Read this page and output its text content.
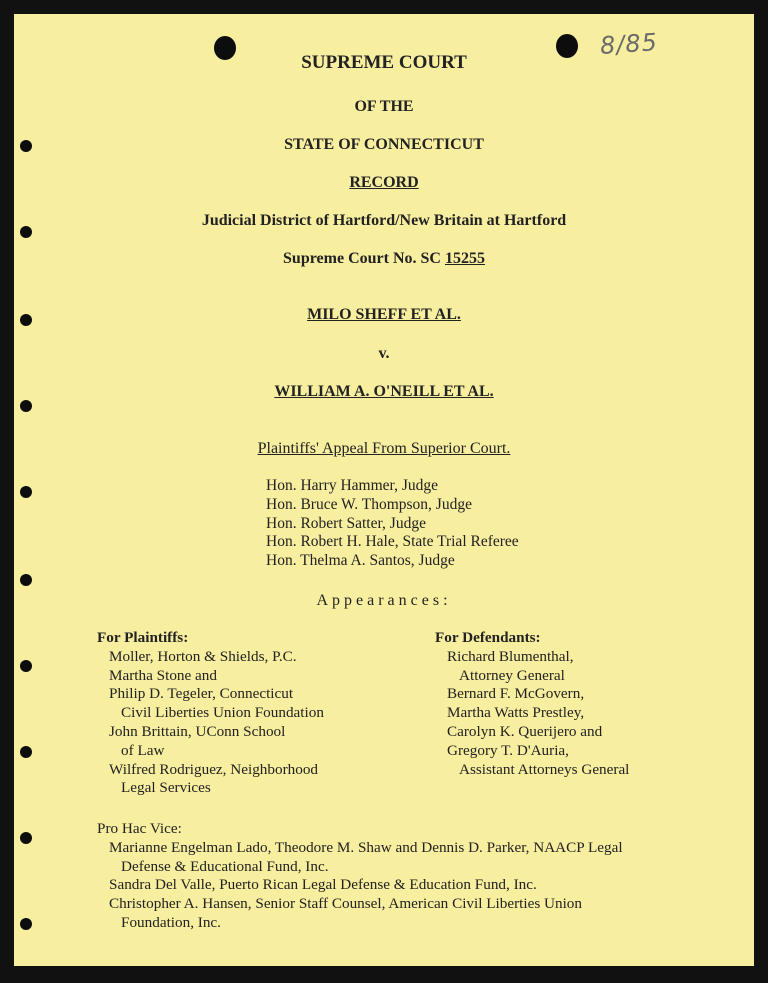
8/85
SUPREME COURT
OF THE
STATE OF CONNECTICUT
RECORD
Judicial District of Hartford/New Britain at Hartford
Supreme Court No. SC 15255
MILO SHEFF ET AL.
v.
WILLIAM A. O'NEILL ET AL.
Plaintiffs' Appeal From Superior Court.
Hon. Harry Hammer, Judge
Hon. Bruce W. Thompson, Judge
Hon. Robert Satter, Judge
Hon. Robert H. Hale, State Trial Referee
Hon. Thelma A. Santos, Judge
Appearances:
For Plaintiffs:
Moller, Horton & Shields, P.C.
Martha Stone and
Philip D. Tegeler, Connecticut
Civil Liberties Union Foundation
John Brittain, UConn School
of Law
Wilfred Rodriguez, Neighborhood
Legal Services
For Defendants:
Richard Blumenthal,
Attorney General
Bernard F. McGovern,
Martha Watts Prestley,
Carolyn K. Querijero and
Gregory T. D'Auria,
Assistant Attorneys General
Pro Hac Vice:
Marianne Engelman Lado, Theodore M. Shaw and Dennis D. Parker, NAACP Legal
Defense & Educational Fund, Inc.
Sandra Del Valle, Puerto Rican Legal Defense & Education Fund, Inc.
Christopher A. Hansen, Senior Staff Counsel, American Civil Liberties Union
Foundation, Inc.
